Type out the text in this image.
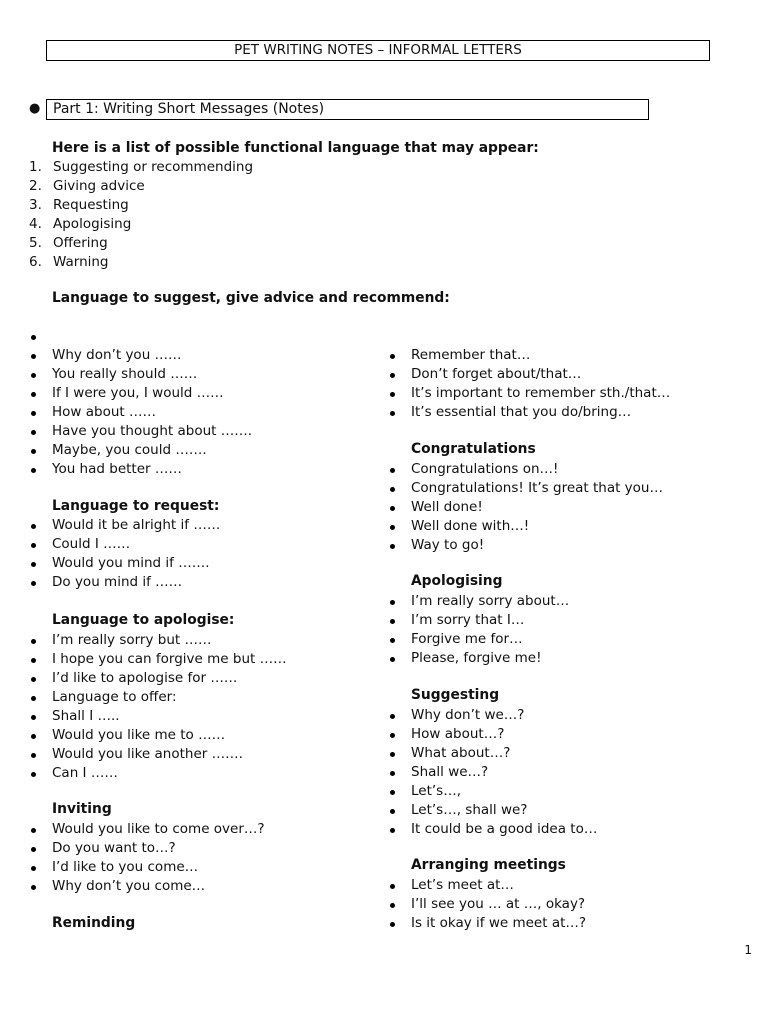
PET WRITING NOTES – INFORMAL LETTERS
● Part 1: Writing Short Messages (Notes)
Here is a list of possible functional language that may appear:
1. Suggesting or recommending
2. Giving advice
3. Requesting
4. Apologising
5. Offering
6. Warning
Language to suggest, give advice and recommend:
Why don’t you ……
You really should ……
If I were you, I would ……
How about ……
Have you thought about …….
Maybe, you could …….
You had better ……
Language to request:
Would it be alright if ……
Could I ……
Would you mind if …….
Do you mind if ……
Language to apologise:
I’m really sorry but ……
I hope you can forgive me but ……
I’d like to apologise for ……
Language to offer:
Shall I …..
Would you like me to ……
Would you like another …….
Can I ……
Inviting
Would you like to come over…?
Do you want to…?
I’d like to you come…
Why don’t you come…
Reminding
Remember that…
Don’t forget about/that…
It’s important to remember sth./that…
It’s essential that you do/bring…
Congratulations
Congratulations on…!
Congratulations! It’s great that you…
Well done!
Well done with…!
Way to go!
Apologising
I’m really sorry about…
I’m sorry that I…
Forgive me for…
Please, forgive me!
Suggesting
Why don’t we…?
How about…?
What about…?
Shall we…?
Let’s…,
Let’s…, shall we?
It could be a good idea to…
Arranging meetings
Let’s meet at…
I’ll see you … at …, okay?
Is it okay if we meet at…?
1
